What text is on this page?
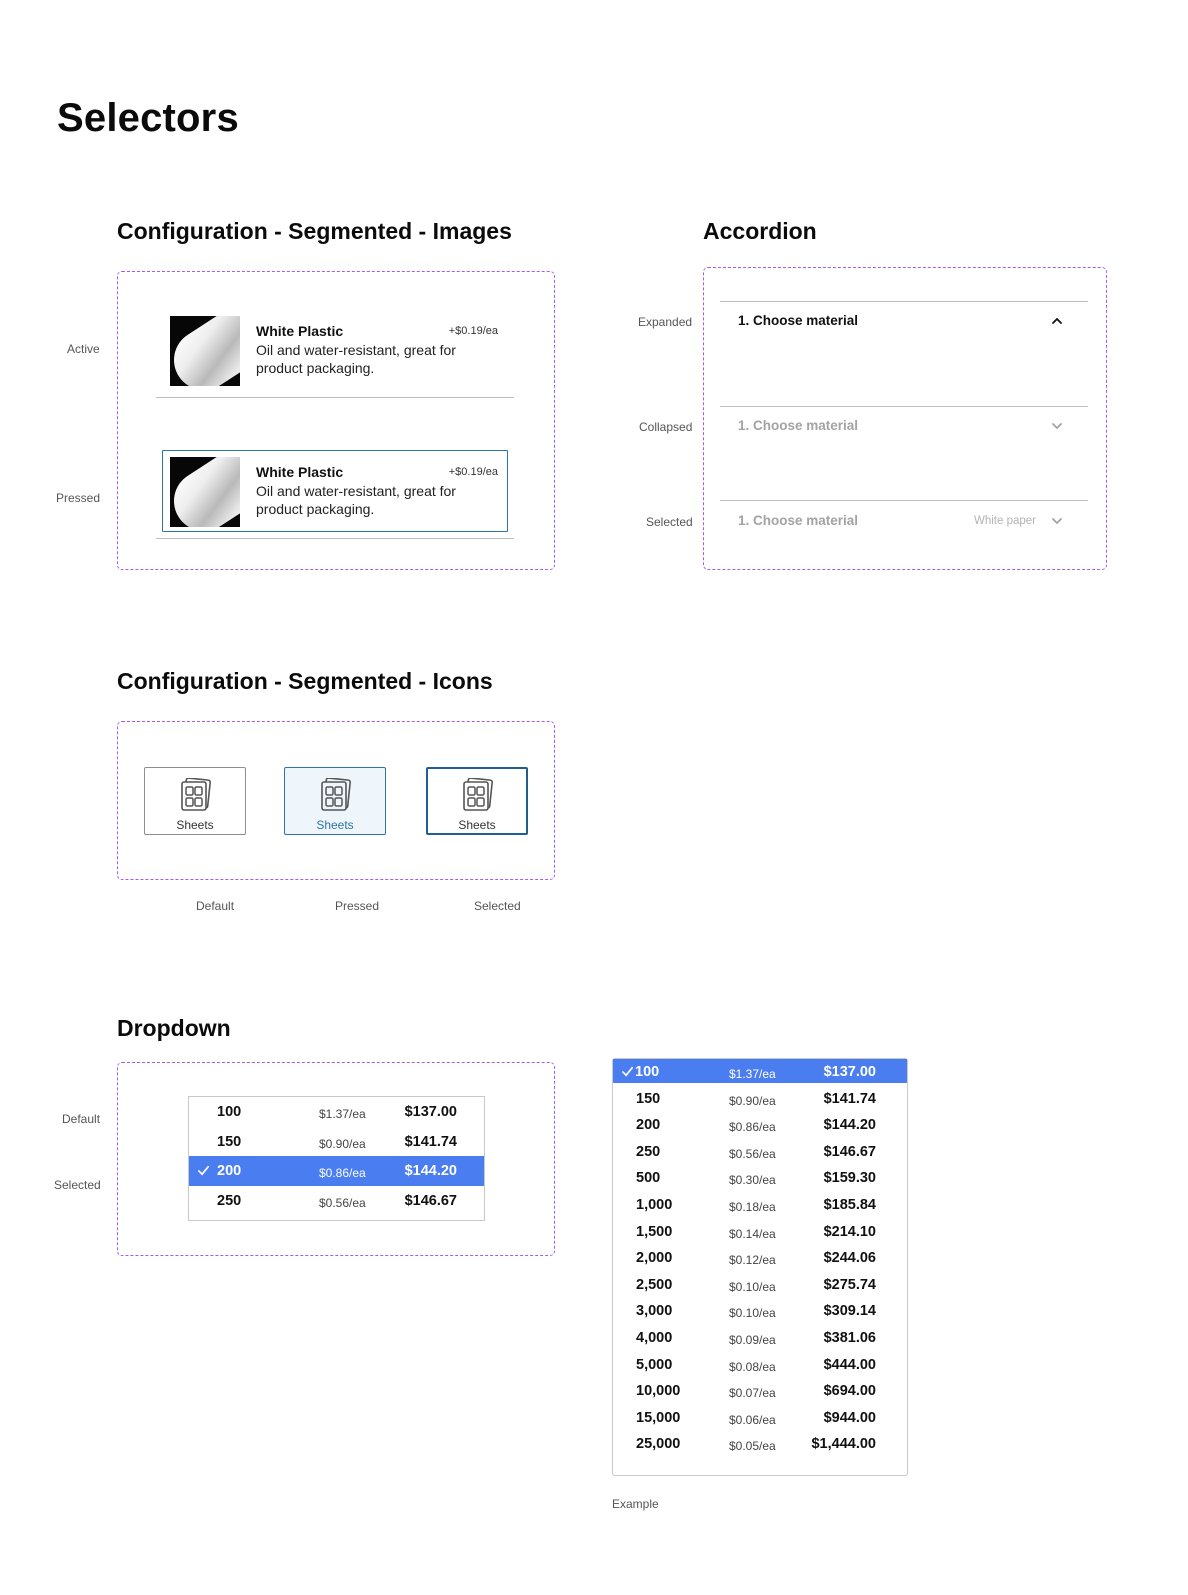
Selectors
Configuration - Segmented - Images
Active
Pressed
White Plastic	+$0.19/ea
Oil and water-resistant, great for product packaging.
White Plastic	+$0.19/ea
Oil and water-resistant, great for product packaging.
Accordion
Expanded
Collapsed
Selected
1. Choose material
1. Choose material
1. Choose material	White paper
Configuration - Segmented - Icons
Sheets	Sheets	Sheets
Default	Pressed	Selected
Dropdown
Default
Selected
100	$1.37/ea	$137.00
150	$0.90/ea	$141.74
200	$0.86/ea	$144.20
250	$0.56/ea	$146.67
100	$1.37/ea	$137.00
150	$0.90/ea	$141.74
200	$0.86/ea	$144.20
250	$0.56/ea	$146.67
500	$0.30/ea	$159.30
1,000	$0.18/ea	$185.84
1,500	$0.14/ea	$214.10
2,000	$0.12/ea	$244.06
2,500	$0.10/ea	$275.74
3,000	$0.10/ea	$309.14
4,000	$0.09/ea	$381.06
5,000	$0.08/ea	$444.00
10,000	$0.07/ea	$694.00
15,000	$0.06/ea	$944.00
25,000	$0.05/ea $1,444.00
Example
